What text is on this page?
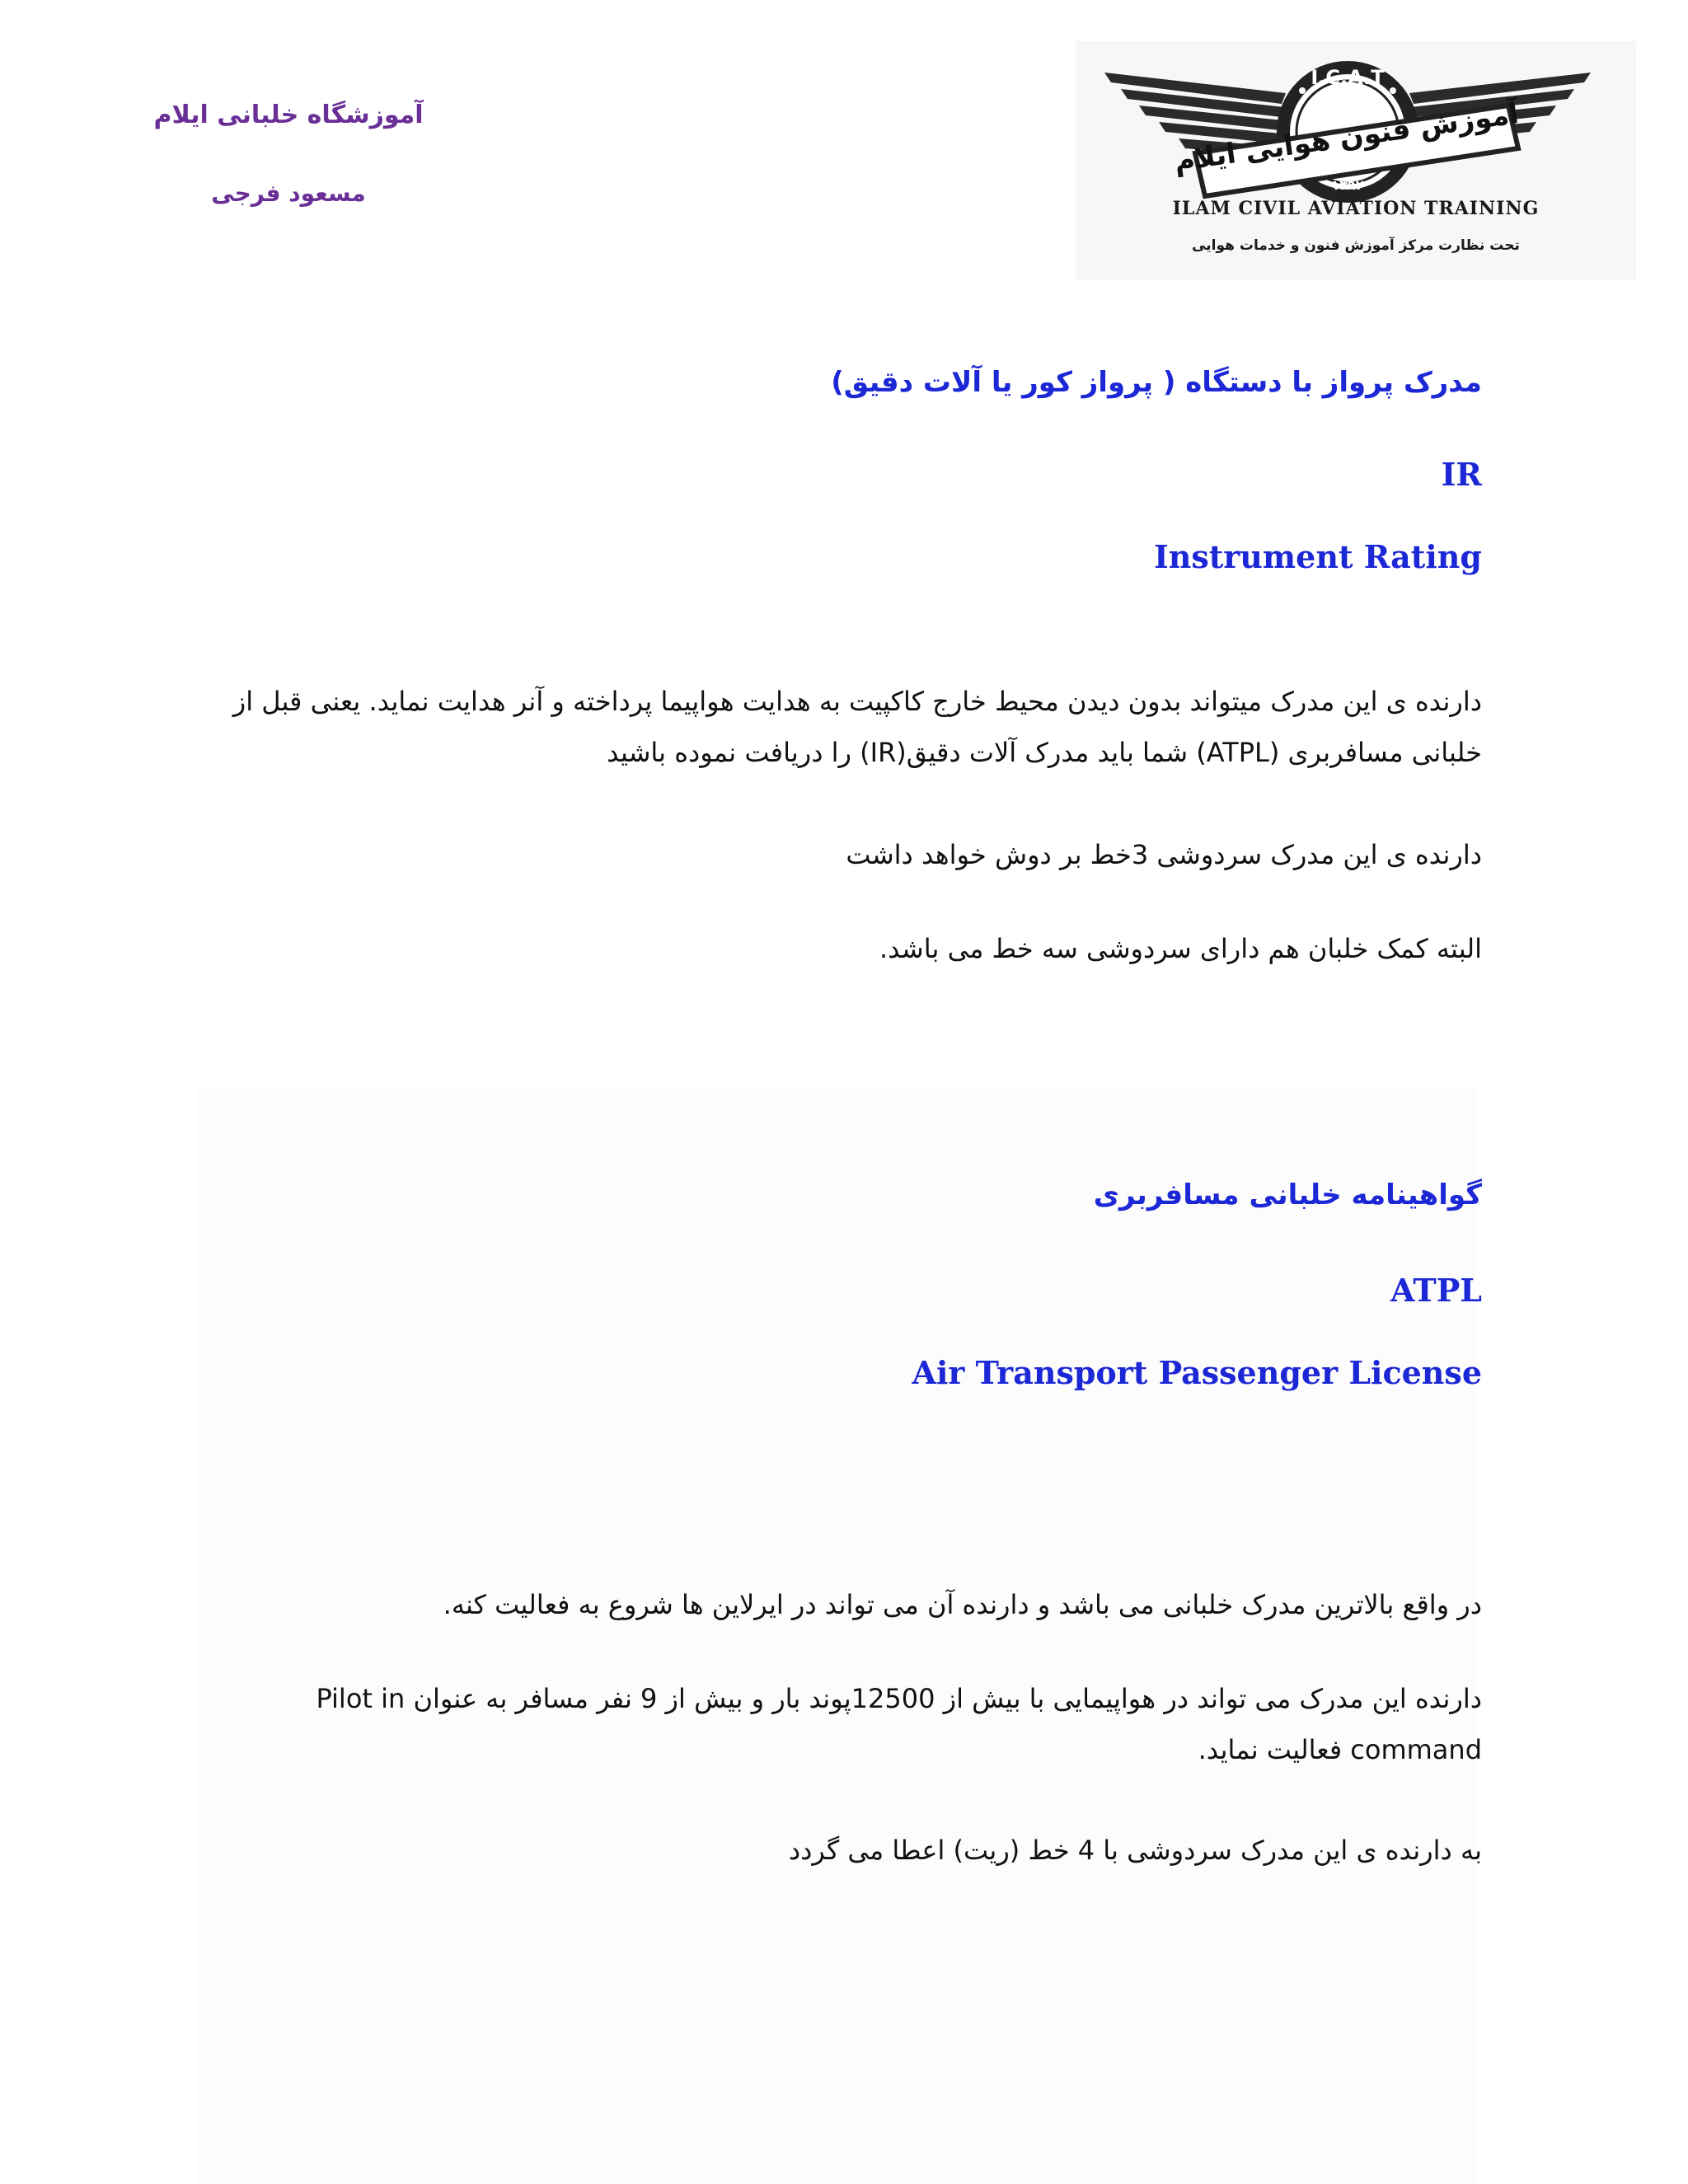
آموزشگاه خلبانی ایلام

مسعود فرجی

I.C.A.T
آموزش فنون هوایی ایلام
۱۳۹۲
ILAM CIVIL AVIATION TRAINING
تحت نظارت مرکز آموزش فنون و خدمات هوایی
مدرک پرواز با دستگاه ( پرواز کور یا آلات دقیق)
IR
Instrument Rating

دارنده ی این مدرک میتواند بدون دیدن محیط خارج کاکپیت به هدایت هواپیما پرداخته و آنر هدایت نماید. یعنی قبل از خلبانی مسافربری (ATPL) شما باید مدرک آلات دقیق(IR) را دریافت نموده باشید

دارنده ی این مدرک سردوشی 3خط بر دوش خواهد داشت

البته کمک خلبان هم دارای سردوشی سه خط می باشد.

گواهینامه خلبانی مسافربری
ATPL
Air Transport Passenger License

در واقع بالاترین مدرک خلبانی می باشد و دارنده آن می تواند در ایرلاین ها شروع به فعالیت کنه.

دارنده این مدرک می تواند در هواپیمایی با بیش از 12500پوند بار و بیش از 9 نفر مسافر به عنوان Pilot in command فعالیت نماید.

به دارنده ی این مدرک سردوشی با 4 خط (ریت) اعطا می گردد
